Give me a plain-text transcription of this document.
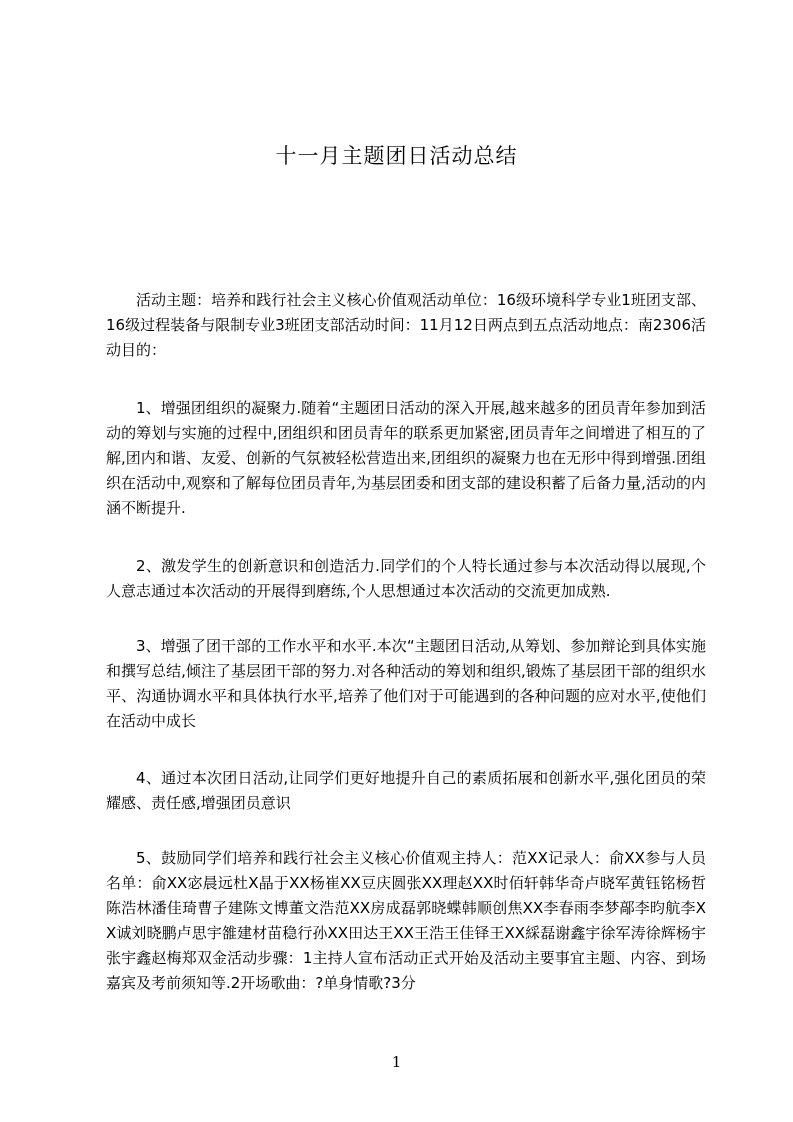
十一月主题团日活动总结

活动主题：培养和践行社会主义核心价值观活动单位：16级环境科学专业1班团支部、16级过程装备与限制专业3班团支部活动时间：11月12日两点到五点活动地点：南2306活动目的：

1、增强团组织的凝聚力.随着“主题团日活动的深入开展,越来越多的团员青年参加到活动的筹划与实施的过程中,团组织和团员青年的联系更加紧密,团员青年之间增进了相互的了解,团内和谐、友爱、创新的气氛被轻松营造出来,团组织的凝聚力也在无形中得到增强.团组织在活动中,观察和了解每位团员青年,为基层团委和团支部的建设积蓄了后备力量,活动的内涵不断提升.

2、激发学生的创新意识和创造活力.同学们的个人特长通过参与本次活动得以展现,个人意志通过本次活动的开展得到磨练,个人思想通过本次活动的交流更加成熟.

3、增强了团干部的工作水平和水平.本次“主题团日活动,从筹划、参加辩论到具体实施和撰写总结,倾注了基层团干部的努力.对各种活动的筹划和组织,锻炼了基层团干部的组织水平、沟通协调水平和具体执行水平,培养了他们对于可能遇到的各种问题的应对水平,使他们在活动中成长

4、通过本次团日活动,让同学们更好地提升自己的素质拓展和创新水平,强化团员的荣耀感、责任感,增强团员意识

5、鼓励同学们培养和践行社会主义核心价值观主持人：范XX记录人：俞XX参与人员名单：俞XX宓晨远杜X晶于XX杨崔XX豆庆圆张XX理赵XX时佰轩韩华奇卢晓军黄钰铭杨哲陈浩林潘佳琦曹子建陈文博董文浩范XX房成磊郭晓蝶韩顺创焦XX李春雨李梦鄗李昀航李XX诚刘晓鹏卢思宇雒建材苗稳行孙XX田达王XX王浩王佳铎王XX綵磊谢鑫宇徐军涛徐辉杨宇张宇鑫赵梅郑双金活动步骤：1主持人宣布活动正式开始及活动主要事宜主题、内容、到场嘉宾及考前须知等.2开场歌曲：?单身情歌?3分

1
